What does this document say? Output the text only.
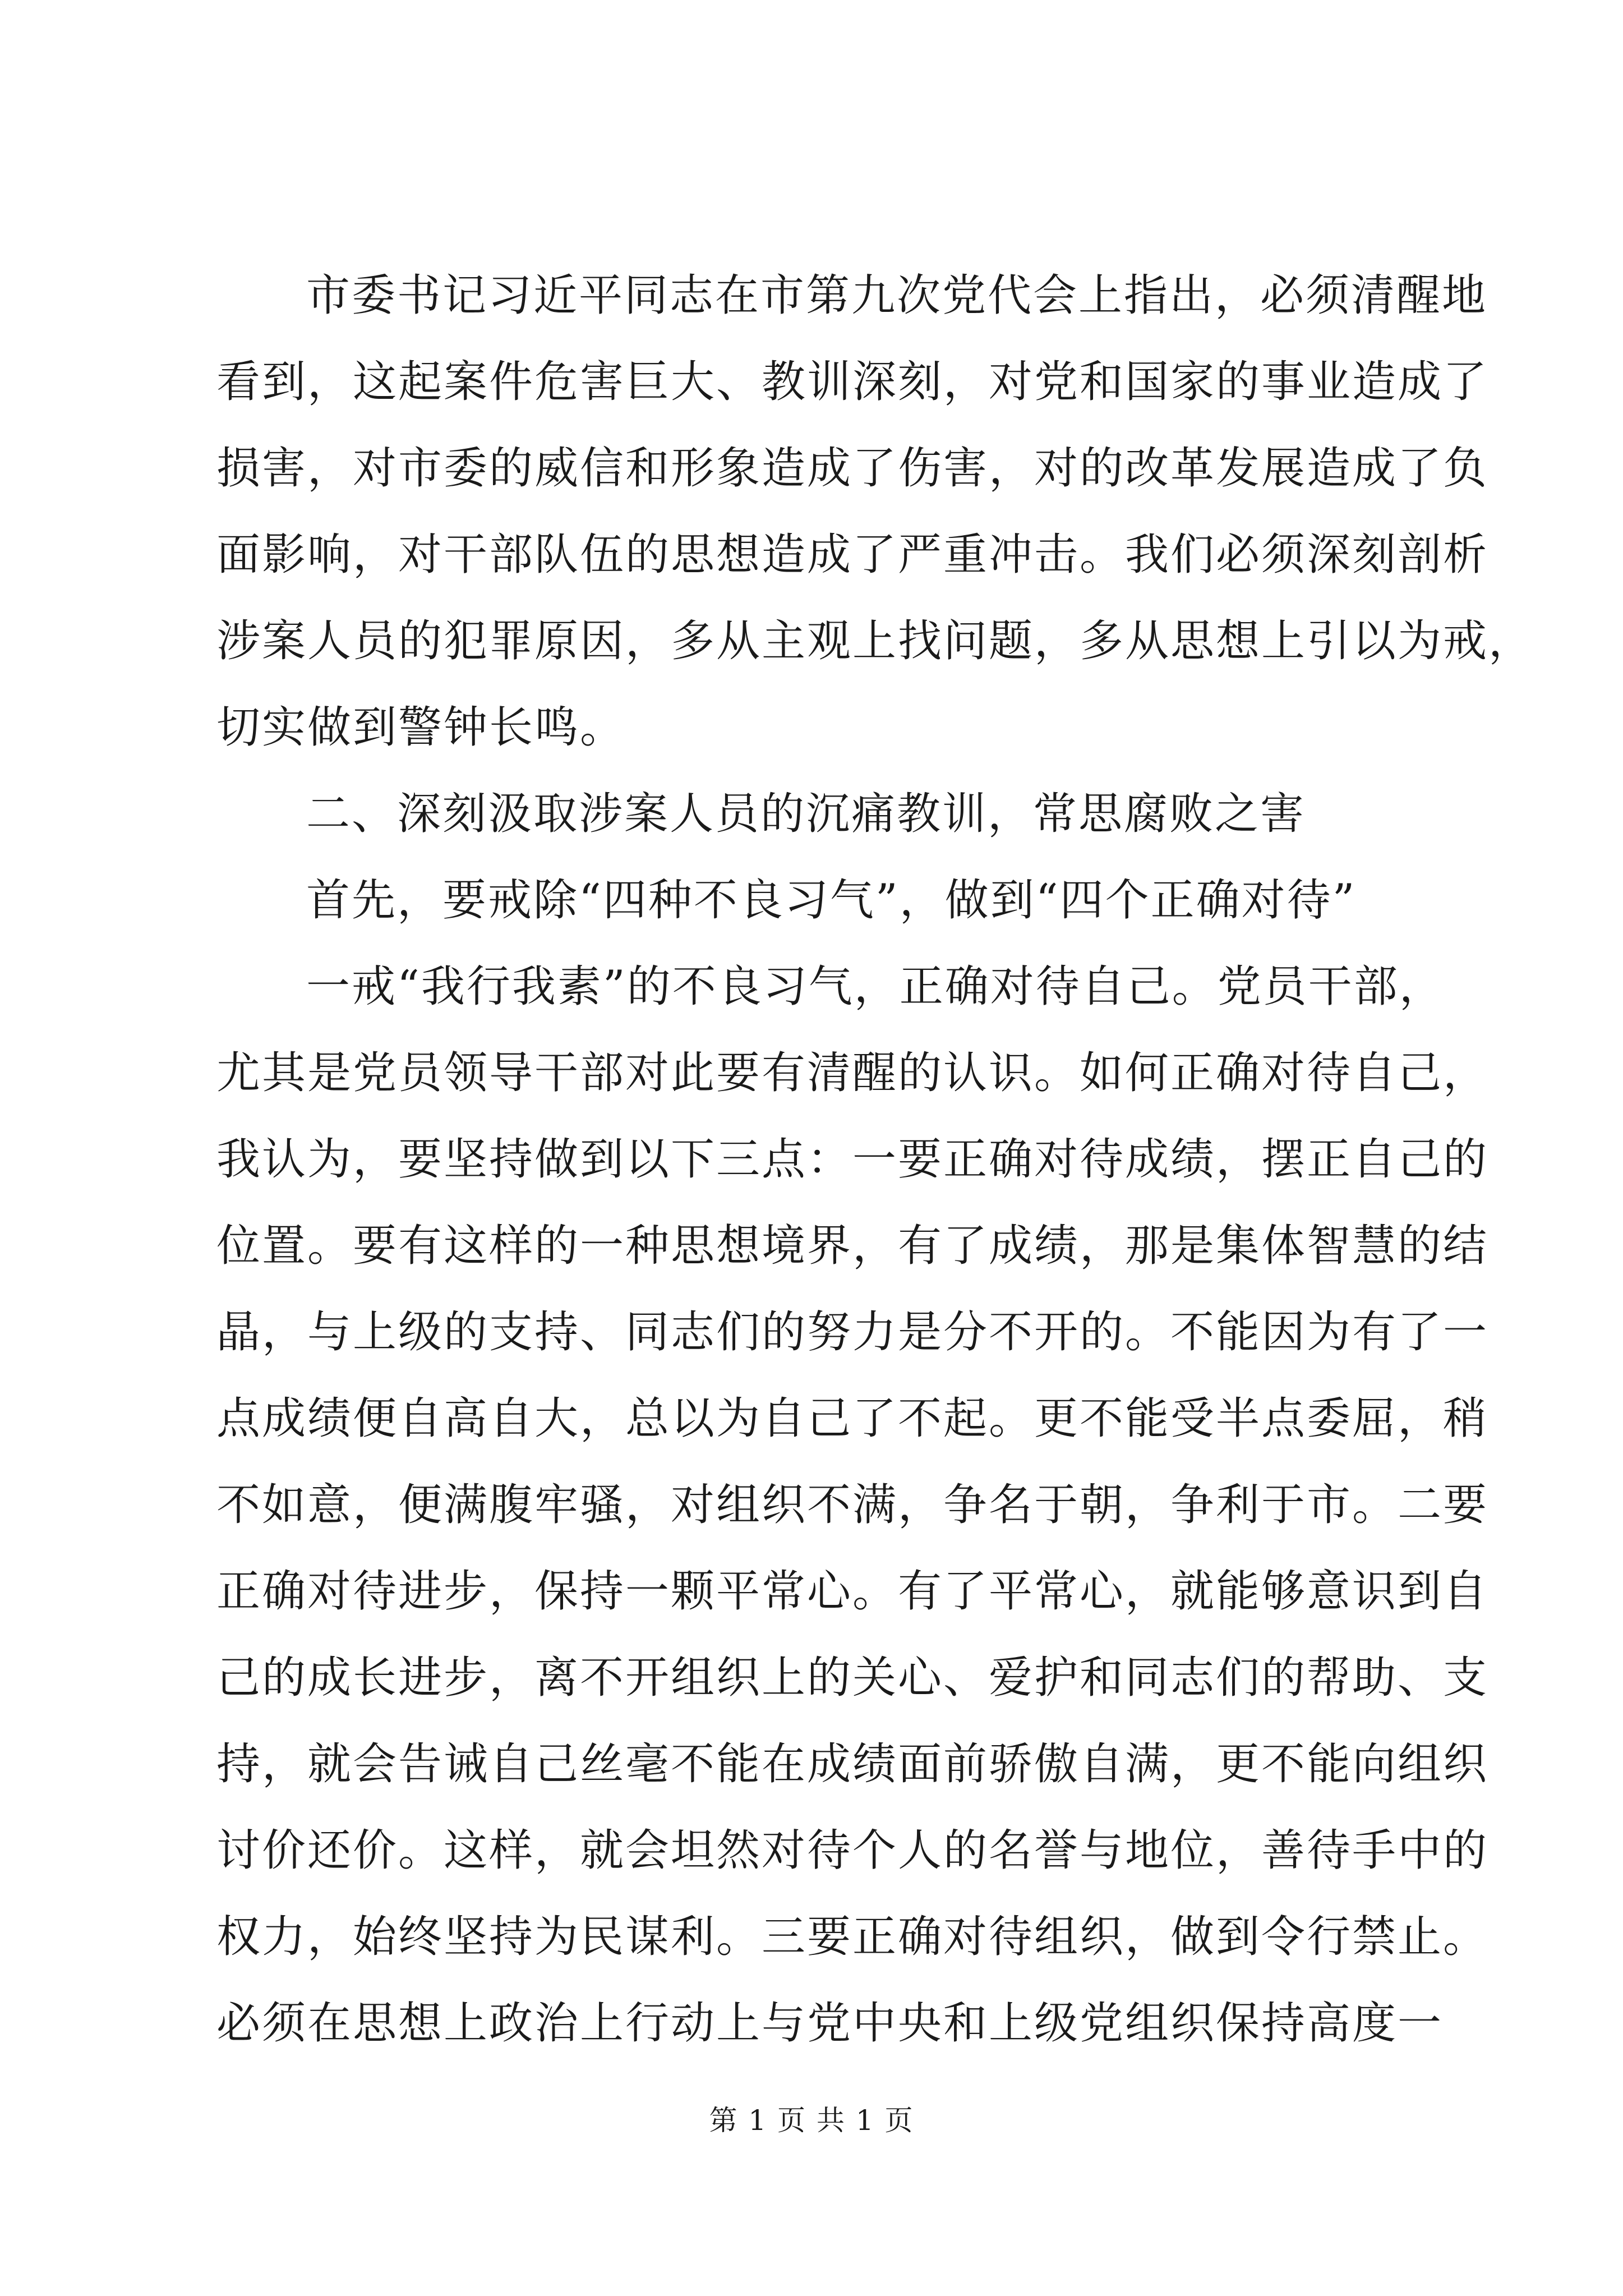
市委书记习近平同志在市第九次党代会上指出，必须清醒地
看到，这起案件危害巨大、教训深刻，对党和国家的事业造成了
损害，对市委的威信和形象造成了伤害，对的改革发展造成了负
面影响，对干部队伍的思想造成了严重冲击。我们必须深刻剖析
涉案人员的犯罪原因，多从主观上找问题，多从思想上引以为戒，
切实做到警钟长鸣。
二、深刻汲取涉案人员的沉痛教训，常思腐败之害
首先，要戒除“四种不良习气”，做到“四个正确对待”
一戒“我行我素”的不良习气，正确对待自己。党员干部，
尤其是党员领导干部对此要有清醒的认识。如何正确对待自己，
我认为，要坚持做到以下三点：一要正确对待成绩，摆正自己的
位置。要有这样的一种思想境界，有了成绩，那是集体智慧的结
晶，与上级的支持、同志们的努力是分不开的。不能因为有了一
点成绩便自高自大，总以为自己了不起。更不能受半点委屈，稍
不如意，便满腹牢骚，对组织不满，争名于朝，争利于市。二要
正确对待进步，保持一颗平常心。有了平常心，就能够意识到自
己的成长进步，离不开组织上的关心、爱护和同志们的帮助、支
持，就会告诫自己丝毫不能在成绩面前骄傲自满，更不能向组织
讨价还价。这样，就会坦然对待个人的名誉与地位，善待手中的
权力，始终坚持为民谋利。三要正确对待组织，做到令行禁止。
必须在思想上政治上行动上与党中央和上级党组织保持高度一
第 1 页 共 1 页
